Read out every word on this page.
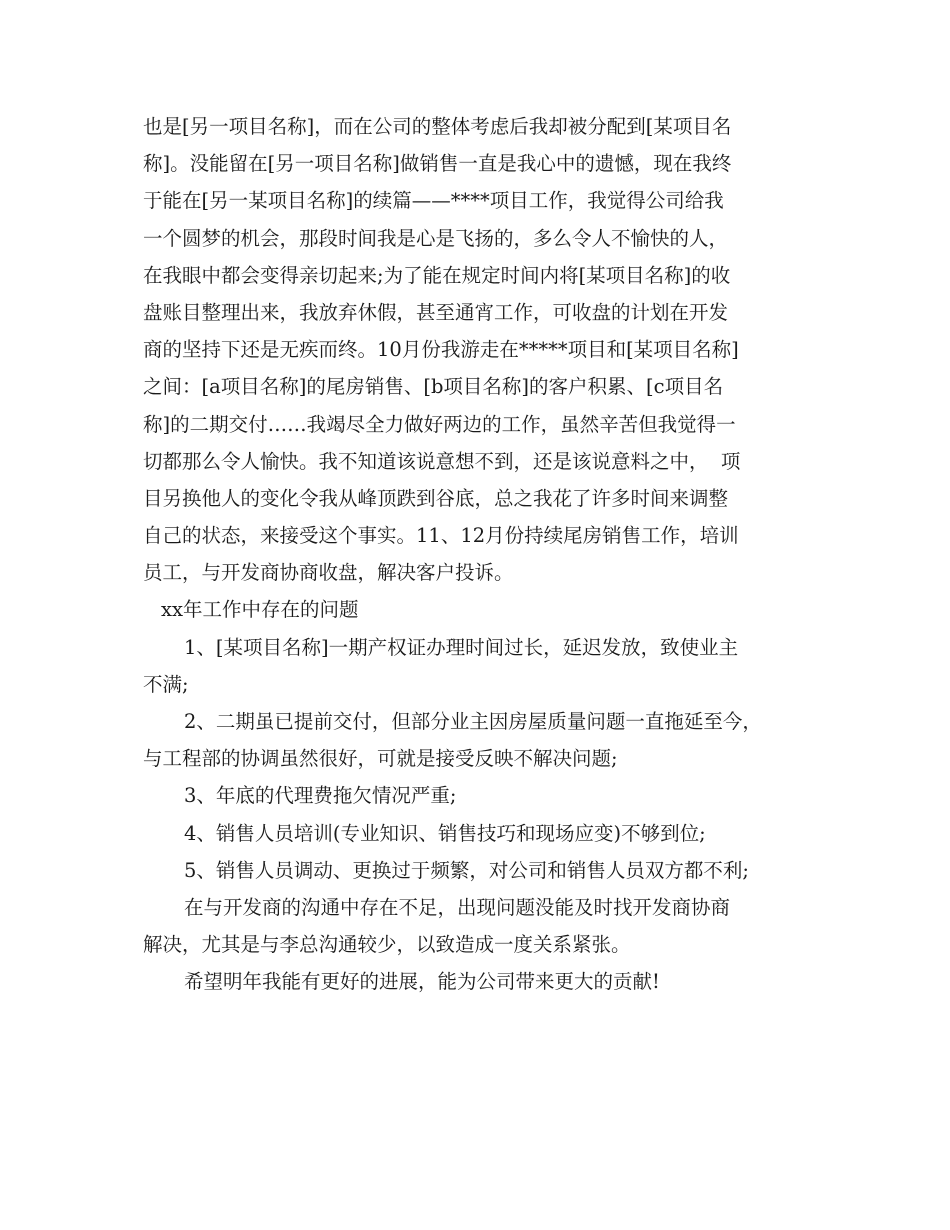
也是[另一项目名称]，而在公司的整体考虑后我却被分配到[某项目名
称]。没能留在[另一项目名称]做销售一直是我心中的遗憾，现在我终
于能在[另一某项目名称]的续篇——****项目工作，我觉得公司给我
一个圆梦的机会，那段时间我是心是飞扬的，多么令人不愉快的人，
在我眼中都会变得亲切起来;为了能在规定时间内将[某项目名称]的收
盘账目整理出来，我放弃休假，甚至通宵工作，可收盘的计划在开发
商的坚持下还是无疾而终。10月份我游走在*****项目和[某项目名称]
之间：[a项目名称]的尾房销售、[b项目名称]的客户积累、[c项目名
称]的二期交付……我竭尽全力做好两边的工作，虽然辛苦但我觉得一
切都那么令人愉快。我不知道该说意想不到，还是该说意料之中，  项
目另换他人的变化令我从峰顶跌到谷底，总之我花了许多时间来调整
自己的状态，来接受这个事实。11、12月份持续尾房销售工作，培训
员工，与开发商协商收盘，解决客户投诉。
xx年工作中存在的问题
1、[某项目名称]一期产权证办理时间过长，延迟发放，致使业主
不满;
2、二期虽已提前交付，但部分业主因房屋质量问题一直拖延至今，
与工程部的协调虽然很好，可就是接受反映不解决问题;
3、年底的代理费拖欠情况严重;
4、销售人员培训(专业知识、销售技巧和现场应变)不够到位;
5、销售人员调动、更换过于频繁，对公司和销售人员双方都不利;
在与开发商的沟通中存在不足，出现问题没能及时找开发商协商
解决，尤其是与李总沟通较少，以致造成一度关系紧张。
希望明年我能有更好的进展，能为公司带来更大的贡献!
